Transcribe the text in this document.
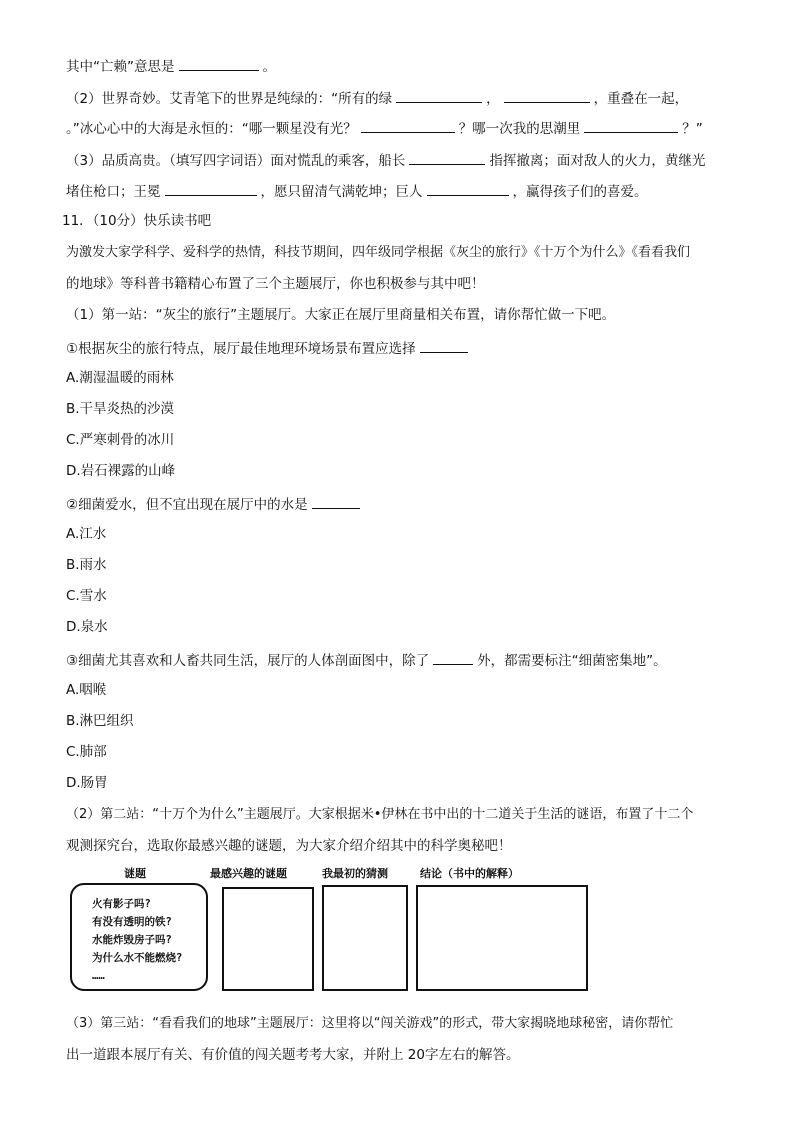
其中“亡赖”意思是	。
（2）世界奇妙。艾青笔下的世界是纯绿的：“所有的绿	，	，重叠在一起，
。”冰心心中的大海是永恒的：“哪一颗星没有光？	？哪一次我的思潮里	？”
（3）品质高贵。（填写四字词语）面对慌乱的乘客，船长	指挥撤离；面对敌人的火力，黄继光
堵住枪口；王冕	，愿只留清气满乾坤；巨人	，赢得孩子们的喜爱。
11．（10分）快乐读书吧
为激发大家学科学、爱科学的热情，科技节期间，四年级同学根据《灰尘的旅行》《十万个为什么》《看看我们
的地球》等科普书籍精心布置了三个主题展厅，你也积极参与其中吧！
（1）第一站：“灰尘的旅行”主题展厅。大家正在展厅里商量相关布置，请你帮忙做一下吧。
①根据灰尘的旅行特点，展厅最佳地理环境场景布置应选择
A.潮湿温暖的雨林
B.干旱炎热的沙漠
C.严寒刺骨的冰川
D.岩石裸露的山峰
②细菌爱水，但不宜出现在展厅中的水是
A.江水
B.雨水
C.雪水
D.泉水
③细菌尤其喜欢和人畜共同生活，展厅的人体剖面图中，除了	外，都需要标注“细菌密集地”。
A.咽喉
B.淋巴组织
C.肺部
D.肠胃
（2）第二站：“十万个为什么”主题展厅。大家根据米•伊林在书中出的十二道关于生活的谜语，布置了十二个
观测探究台，选取你最感兴趣的谜题，为大家介绍介绍其中的科学奥秘吧！
谜题	最感兴趣的谜题	我最初的猜测	结论（书中的解释）
火有影子吗?
有没有透明的铁?
水能炸毁房子吗?
为什么水不能燃烧?
……
（3）第三站：“看看我们的地球”主题展厅：这里将以“闯关游戏”的形式，带大家揭晓地球秘密，请你帮忙
出一道跟本展厅有关、有价值的闯关题考考大家，并附上 20字左右的解答。
